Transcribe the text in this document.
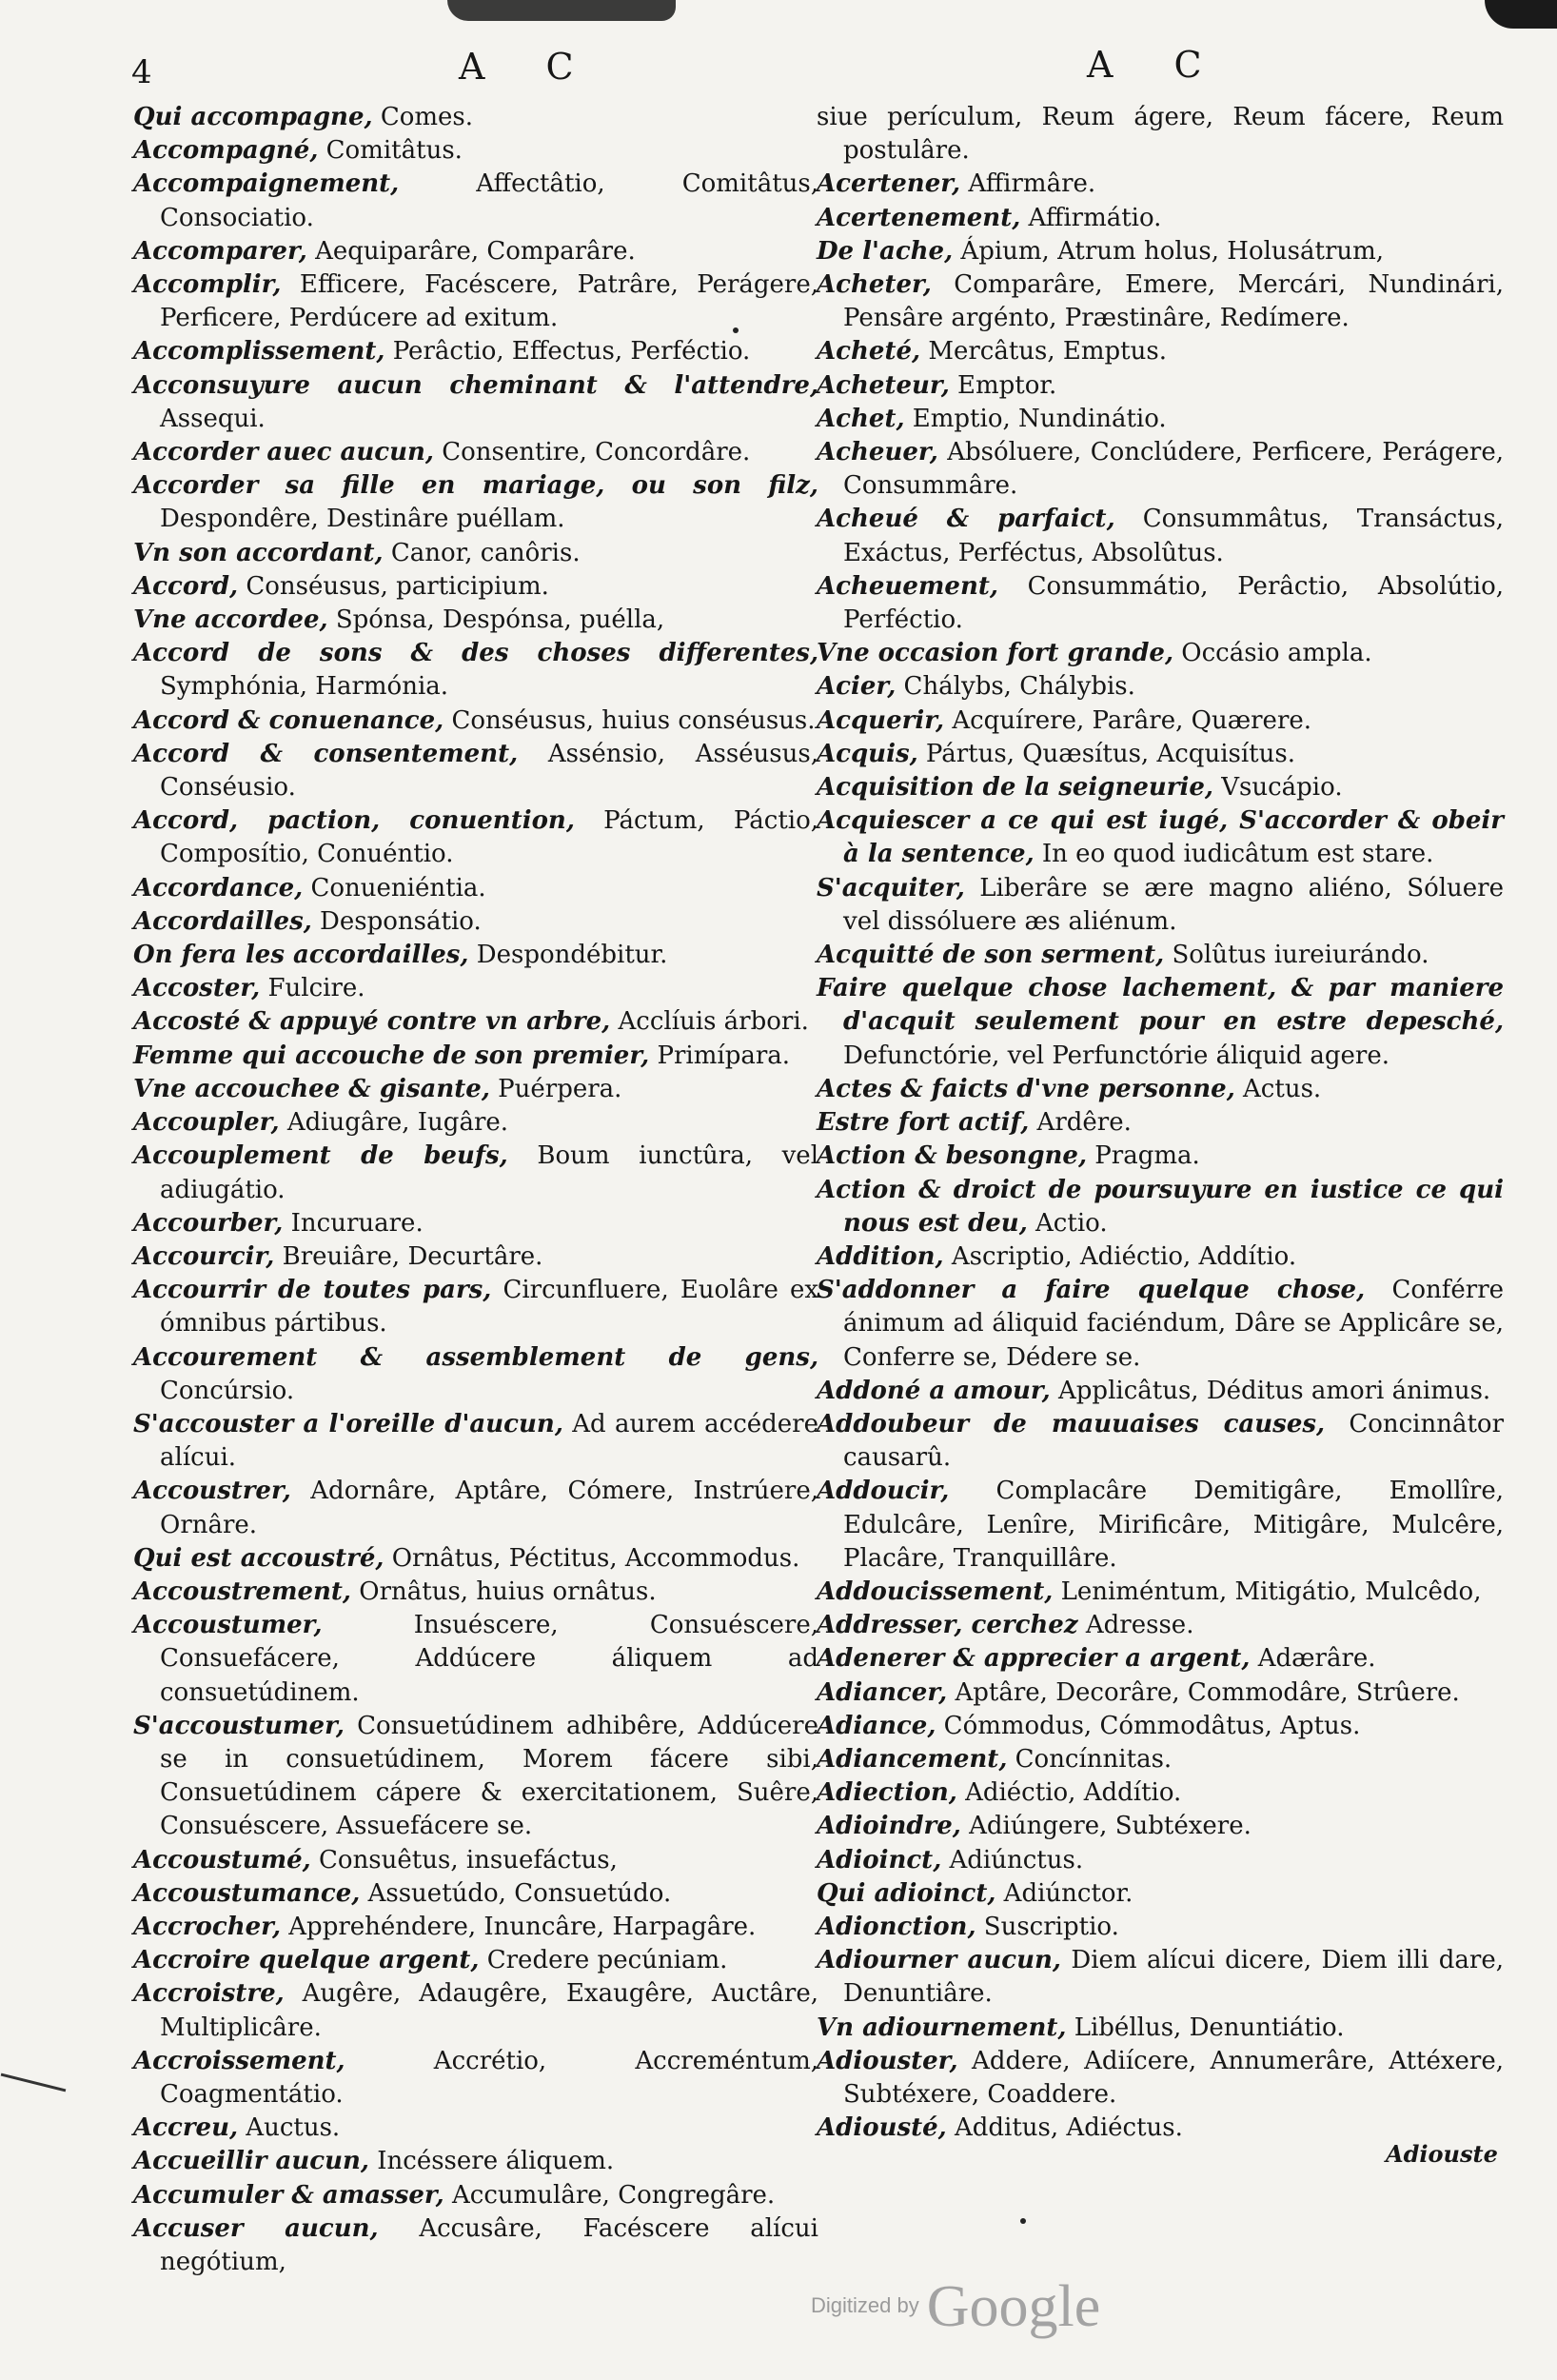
4	A C	A C

Qui accompagne, Comes.

Accompagné, Comitâtus.

Accompaignement,	Affectâtio, Comitâtus, Consociatio.

Accomparer, Aequiparâre, Comparâre.

Accomplir, Efficere, Facéscere, Patrâre, Perágere, Perficere, Perdúcere ad exitum.

Accomplissement, Perâctio, Effectus, Perféctio.

Acconsuyure aucun cheminant & l'attendre, Assequi.

Accorder auec aucun, Consentire, Concordâre.

Accorder sa fille en mariage, ou son filz, Despondêre, Destinâre puéllam.

Vn son accordant, Canor, canôris.

Accord, Conséusus, participium.

Vne accordee, Spónsa, Despónsa, puélla,

Accord de sons & des choses differentes, Symphónia, Harmónia.

Accord & conuenance, Conséusus, huius conséusus.

Accord & consentement, Assénsio, Asséusus, Conséusio.

Accord, paction, conuention, Páctum, Páctio, Composítio, Conuéntio.

Accordance, Conueniéntia.

Accordailles, Desponsátio.

On fera les accordailles, Despondébitur.

Accoster, Fulcire.

Accosté & appuyé contre vn arbre, Acclíuis árbori.

Femme qui accouche de son premier, Primípara.

Vne accouchee & gisante, Puérpera.

Accoupler, Adiugâre, Iugâre.

Accouplement de beufs, Boum iunctûra, vel adiugátio.

Accourber, Incuruare.

Accourcir, Breuiâre, Decurtâre.

Accourrir de toutes pars, Circunfluere, Euolâre ex ómnibus pártibus.

Accourement & assemblement de gens, Concúrsio.

S'accouster a l'oreille d'aucun, Ad aurem accédere alícui.

Accoustrer, Adornâre, Aptâre, Cómere, Instrúere, Ornâre.

Qui est accoustré, Ornâtus, Péctitus, Accommodus.

Accoustrement, Ornâtus, huius ornâtus.

Accoustumer,	Insuéscere, Consuéscere, Consuefácere, Addúcere áliquem ad consuetúdinem.

S'accoustumer, Consuetúdinem adhibêre, Addúcere se in consuetúdinem, Morem fácere sibi, Consuetúdinem cápere & exercitationem, Suêre, Consuéscere, Assuefácere se.

Accoustumé, Consuêtus, insuefáctus,

Accoustumance, Assuetúdo, Consuetúdo.

Accrocher, Apprehéndere, Inuncâre, Harpagâre.

Accroire quelque argent, Credere pecúniam.

Accroistre, Augêre, Adaugêre, Exaugêre, Auctâre, Multiplicâre.

Accroissement,	Accrétio, Accreméntum, Coagmentátio.

Accreu, Auctus.

Accueillir aucun, Incéssere áliquem.

Accumuler & amasser, Accumulâre, Congregâre.

Accuser aucun, Accusâre, Facéscere alícui negótium,

siue perículum, Reum ágere, Reum fácere, Reum postulâre.

Acertener, Affirmâre.

Acertenement, Affirmátio.

De l'ache, Ápium, Atrum holus, Holusátrum,

Acheter, Comparâre, Emere, Mercári, Nundinári, Pensâre argénto, Præstinâre, Redímere.

Acheté, Mercâtus, Emptus.

Acheteur, Emptor.

Achet, Emptio, Nundinátio.

Acheuer, Absóluere, Conclúdere, Perficere, Perágere, Consummâre.

Acheué & parfaict, Consummâtus, Transáctus, Exáctus, Perféctus, Absolûtus.

Acheuement, Consummátio, Perâctio, Absolútio, Perféctio.

Vne occasion fort grande, Occásio ampla.

Acier, Chálybs, Chálybis.

Acquerir, Acquírere, Parâre, Quærere.

Acquis, Pártus, Quæsítus, Acquisítus.

Acquisition de la seigneurie, Vsucápio.

Acquiescer a ce qui est iugé, S'accorder & obeir à la sentence, In eo quod iudicâtum est stare.

S'acquiter, Liberâre se ære magno aliéno, Sóluere vel dissóluere æs aliénum.

Acquitté de son serment, Solûtus iureiurándo.

Faire quelque chose lachement, & par maniere d'acquit seulement pour en estre depesché, Defunctórie, vel Perfunctórie áliquid agere.

Actes & faicts d'vne personne, Actus.

Estre fort actif, Ardêre.

Action & besongne, Pragma.

Action & droict de poursuyure en iustice ce qui nous est deu, Actio.

Addition, Ascriptio, Adiéctio, Addítio.

S'addonner a faire quelque chose, Conférre ánimum ad áliquid faciéndum, Dâre se Applicâre se, Conferre se, Dédere se.

Addoné a amour, Applicâtus, Déditus amori ánimus.

Addoubeur de mauuaises causes, Concinnâtor causarû.

Addoucir, Complacâre Demitigâre, Emollîre, Edulcâre, Lenîre, Mirificâre, Mitigâre, Mulcêre, Placâre, Tranquillâre.

Addoucissement, Leniméntum, Mitigátio, Mulcêdo,

Addresser, cerchez Adresse.

Adenerer & apprecier a argent, Adærâre.

Adiancer, Aptâre, Decorâre, Commodâre, Strûere.

Adiance, Cómmodus, Cómmodâtus, Aptus.

Adiancement, Concínnitas.

Adiection, Adiéctio, Addítio.

Adioindre, Adiúngere, Subtéxere.

Adioinct, Adiúnctus.

Qui adioinct, Adiúnctor.

Adionction, Suscriptio.

Adiourner aucun, Diem alícui dicere, Diem illi dare, Denuntiâre.

Vn adiournement, Libéllus, Denuntiátio.

Adiouster, Addere, Adiícere, Annumerâre, Attéxere, Subtéxere, Coaddere.

Adiousté, Additus, Adiéctus.

Adiouste
Digitized by Google
